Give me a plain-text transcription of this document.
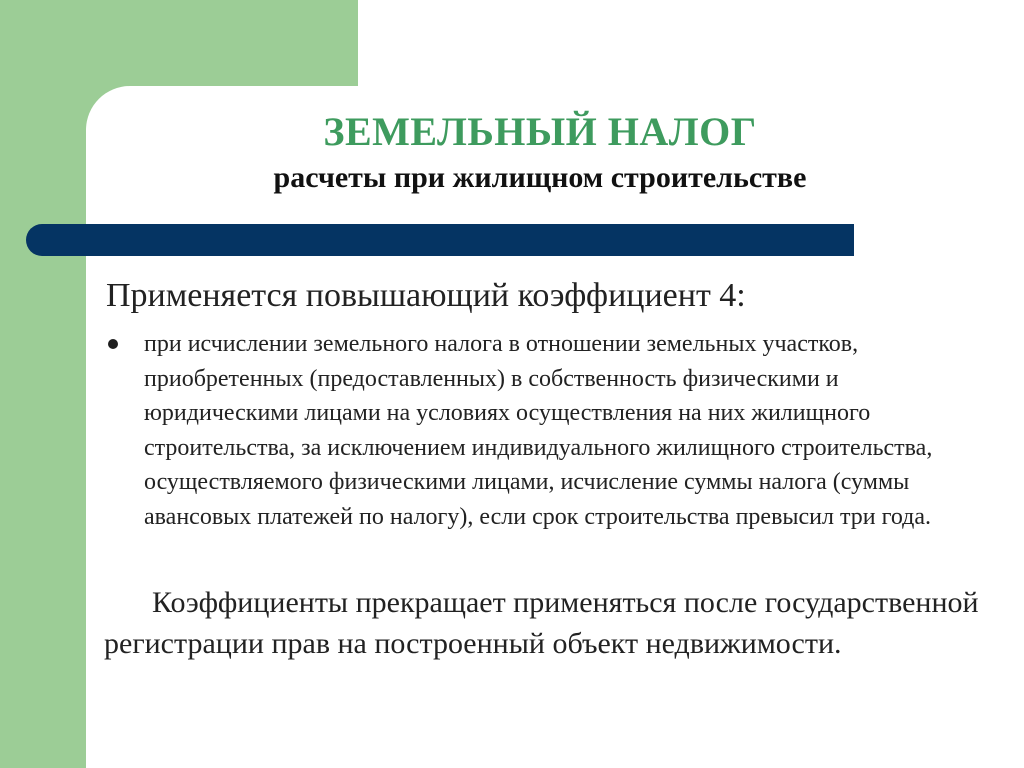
ЗЕМЕЛЬНЫЙ НАЛОГ
расчеты при жилищном строительстве

Применяется повышающий коэффициент 4:

при исчислении земельного налога в отношении земельных участков, приобретенных (предоставленных) в собственность физическими и юридическими лицами на условиях осуществления на них жилищного строительства, за исключением индивидуального жилищного строительства, осуществляемого физическими лицами, исчисление суммы налога (суммы авансовых платежей по налогу), если срок строительства превысил три года.

Коэффициенты прекращает применяться после государственной регистрации прав на построенный объект недвижимости.
